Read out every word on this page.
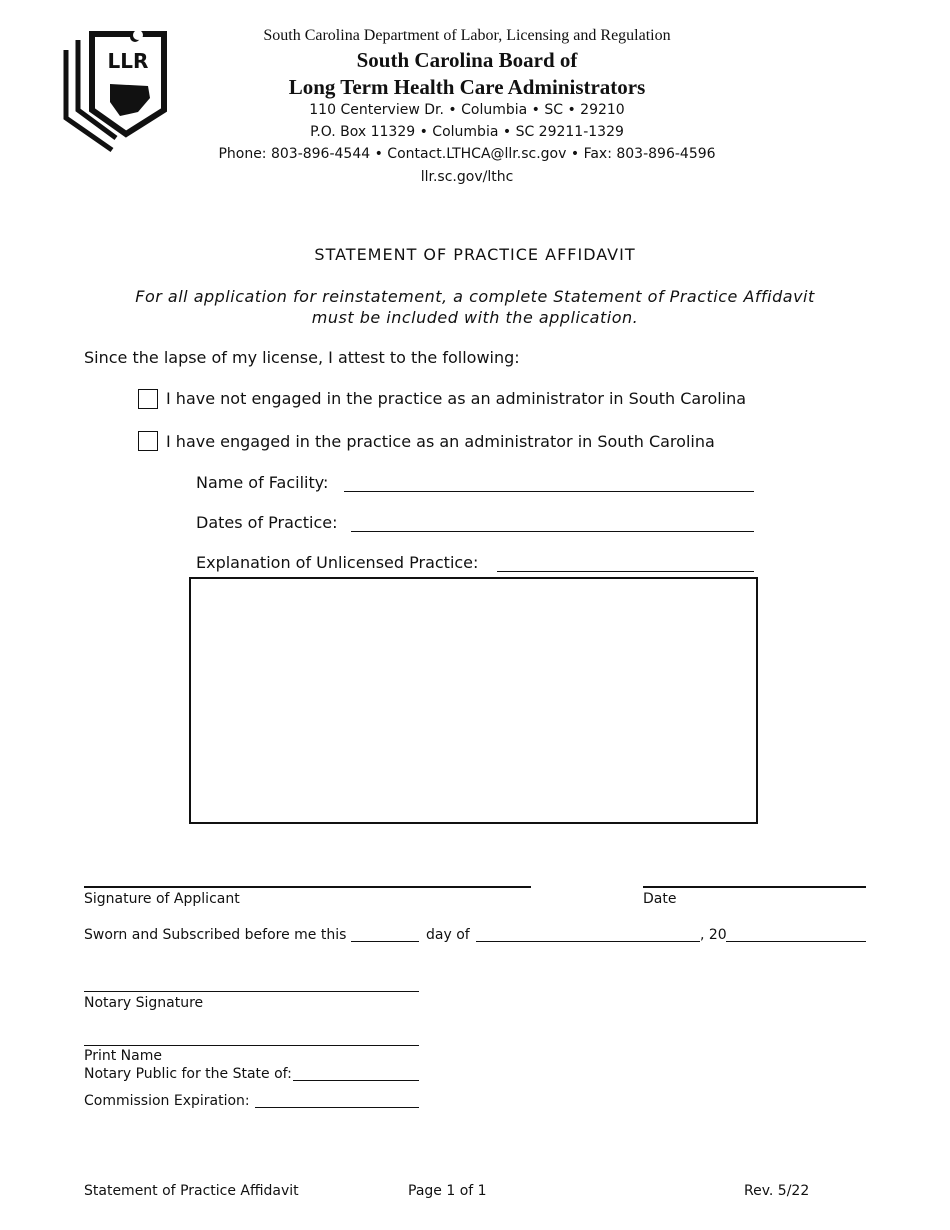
LLR
South Carolina Department of Labor, Licensing and Regulation
South Carolina Board of
Long Term Health Care Administrators
110 Centerview Dr. • Columbia • SC • 29210
P.O. Box 11329 • Columbia • SC 29211-1329
Phone: 803-896-4544 • Contact.LTHCA@llr.sc.gov • Fax: 803-896-4596
llr.sc.gov/lthc
STATEMENT OF PRACTICE AFFIDAVIT
For all application for reinstatement, a complete Statement of Practice Affidavit
must be included with the application.
Since the lapse of my license, I attest to the following:
I have not engaged in the practice as an administrator in South Carolina
I have engaged in the practice as an administrator in South Carolina
Name of Facility:
Dates of Practice:
Explanation of Unlicensed Practice:
Signature of Applicant	Date
Sworn and Subscribed before me this	day of	, 20
Notary Signature
Print Name
Notary Public for the State of:
Commission Expiration:
Statement of Practice Affidavit	Page 1 of 1	Rev. 5/22
